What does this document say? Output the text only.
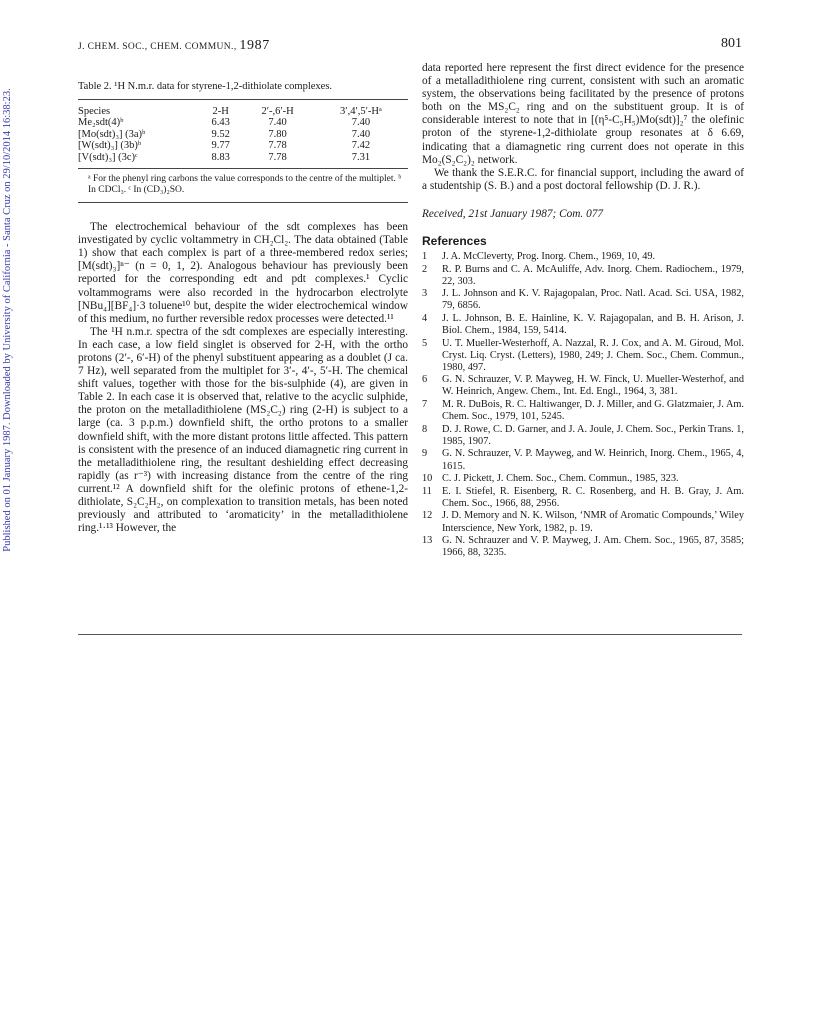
J. CHEM. SOC., CHEM. COMMUN., 1987	801
Published on 01 January 1987. Downloaded by University of California - Santa Cruz on 29/10/2014 16:38:23.
Table 2. ¹H N.m.r. data for styrene-1,2-dithiolate complexes.
Species	2-H	2′-,6′-H	3′,4′,5′-Hᵃ
Me₂sdt(4)ᵇ	6.43	7.40	7.40
[Mo(sdt)₃] (3a)ᵇ	9.52	7.80	7.40
[W(sdt)₃] (3b)ᵇ	9.77	7.78	7.42
[V(sdt)₃] (3c)ᶜ	8.83	7.78	7.31
ᵃ For the phenyl ring carbons the value corresponds to the centre of the multiplet. ᵇ In CDCl₃. ᶜ In (CD₃)₂SO.

The electrochemical behaviour of the sdt complexes has been investigated by cyclic voltammetry in CH₂Cl₂. The data obtained (Table 1) show that each complex is part of a three-membered redox series; [M(sdt)₃]ⁿ⁻ (n = 0, 1, 2). Analogous behaviour has previously been reported for the corresponding edt and pdt complexes.¹ Cyclic voltammograms were also recorded in the hydrocarbon electrolyte [NBu₄][BF₄]·3 toluene¹⁰ but, despite the wider electrochemical window of this medium, no further reversible redox processes were detected.¹¹

The ¹H n.m.r. spectra of the sdt complexes are especially interesting. In each case, a low field singlet is observed for 2-H, with the ortho protons (2′-, 6′-H) of the phenyl substituent appearing as a doublet (J ca. 7 Hz), well separated from the multiplet for 3′-, 4′-, 5′-H. The chemical shift values, together with those for the bis-sulphide (4), are given in Table 2. In each case it is observed that, relative to the acyclic sulphide, the proton on the metalladithiolene (MS₂C₂) ring (2-H) is subject to a large (ca. 3 p.p.m.) downfield shift, the ortho protons to a smaller downfield shift, with the more distant protons little affected. This pattern is consistent with the presence of an induced diamagnetic ring current in the metalladithiolene ring, the resultant deshielding effect decreasing rapidly (as r⁻³) with increasing distance from the centre of the ring current.¹² A downfield shift for the olefinic protons of ethene-1,2-dithiolate, S₂C₂H₂, on complexation to transition metals, has been noted previously and attributed to ‘aromaticity’ in the metalladithiolene ring.¹·¹³ However, the

data reported here represent the first direct evidence for the presence of a metalladithiolene ring current, consistent with such an aromatic system, the observations being facilitated by the presence of protons both on the MS₂C₂ ring and on the substituent group. It is of considerable interest to note that in [(η⁵-C₅H₅)Mo(sdt)]₂⁷ the olefinic proton of the styrene-1,2-dithiolate group resonates at δ 6.69, indicating that a diamagnetic ring current does not operate in this Mo₂(S₂C₂)₂ network.

We thank the S.E.R.C. for financial support, including the award of a studentship (S. B.) and a post doctoral fellowship (D. J. R.).

Received, 21st January 1987; Com. 077
References
1	J. A. McCleverty, Prog. Inorg. Chem., 1969, 10, 49.
2	R. P. Burns and C. A. McAuliffe, Adv. Inorg. Chem. Radiochem., 1979, 22, 303.
3	J. L. Johnson and K. V. Rajagopalan, Proc. Natl. Acad. Sci. USA, 1982, 79, 6856.
4	J. L. Johnson, B. E. Hainline, K. V. Rajagopalan, and B. H. Arison, J. Biol. Chem., 1984, 159, 5414.
5	U. T. Mueller-Westerhoff, A. Nazzal, R. J. Cox, and A. M. Giroud, Mol. Cryst. Liq. Cryst. (Letters), 1980, 249; J. Chem. Soc., Chem. Commun., 1980, 497.
6	G. N. Schrauzer, V. P. Mayweg, H. W. Finck, U. Mueller-Westerhof, and W. Heinrich, Angew. Chem., Int. Ed. Engl., 1964, 3, 381.
7	M. R. DuBois, R. C. Haltiwanger, D. J. Miller, and G. Glatzmaier, J. Am. Chem. Soc., 1979, 101, 5245.
8	D. J. Rowe, C. D. Garner, and J. A. Joule, J. Chem. Soc., Perkin Trans. 1, 1985, 1907.
9	G. N. Schrauzer, V. P. Mayweg, and W. Heinrich, Inorg. Chem., 1965, 4, 1615.
10 C. J. Pickett, J. Chem. Soc., Chem. Commun., 1985, 323.
11 E. I. Stiefel, R. Eisenberg, R. C. Rosenberg, and H. B. Gray, J. Am. Chem. Soc., 1966, 88, 2956.
12 J. D. Memory and N. K. Wilson, ‘NMR of Aromatic Compounds,’ Wiley Interscience, New York, 1982, p. 19.
13 G. N. Schrauzer and V. P. Mayweg, J. Am. Chem. Soc., 1965, 87, 3585; 1966, 88, 3235.
